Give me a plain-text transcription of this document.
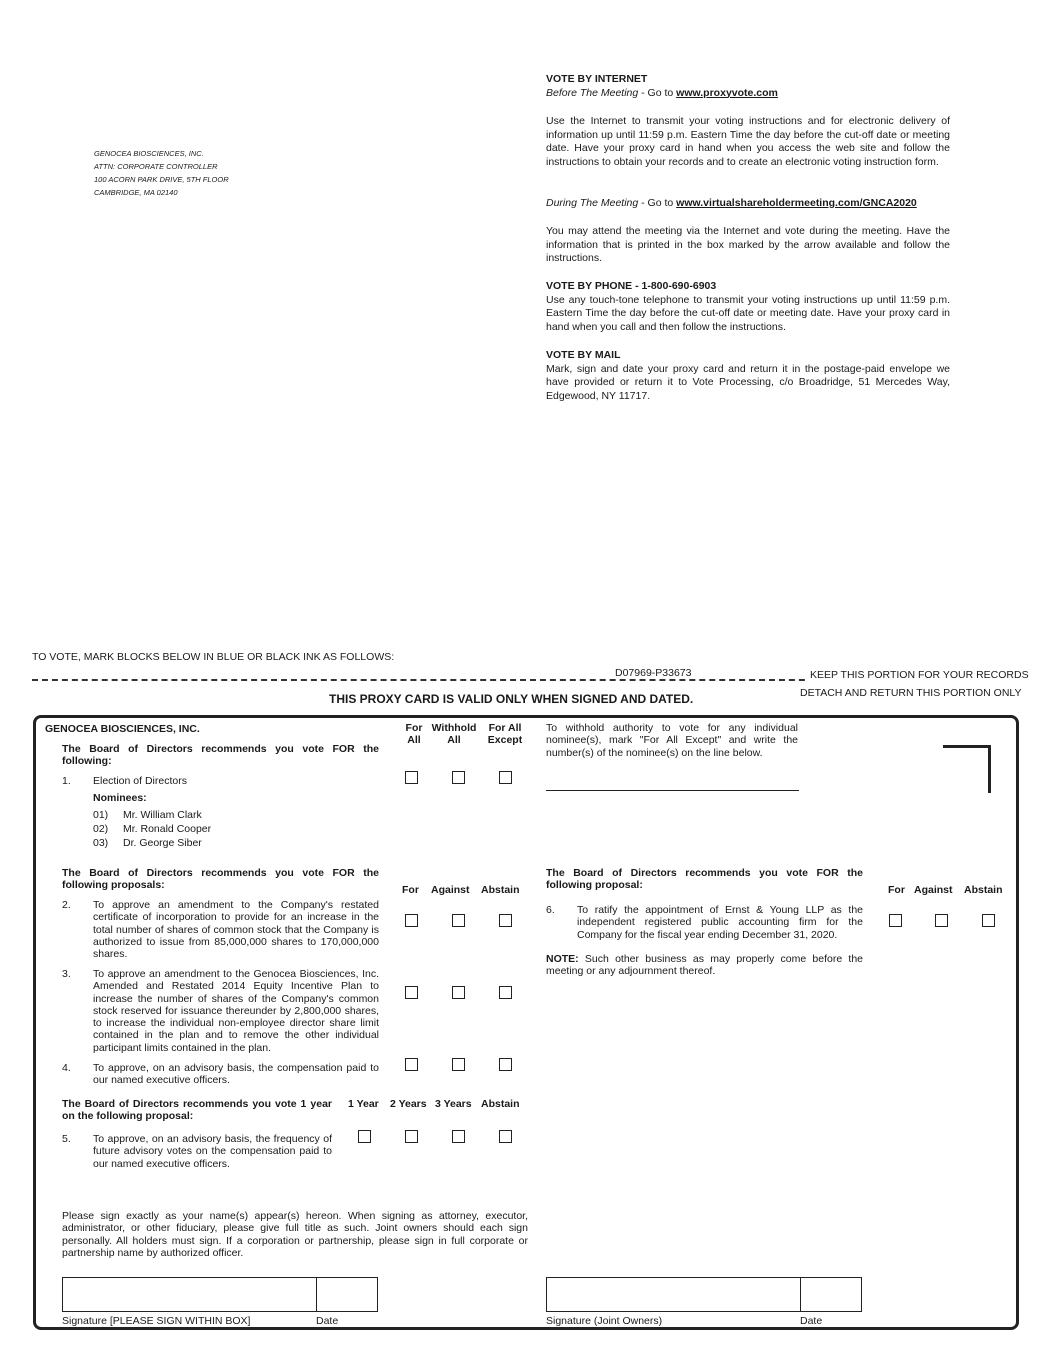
GENOCEA BIOSCIENCES, INC.
ATTN: CORPORATE CONTROLLER
100 ACORN PARK DRIVE, 5TH FLOOR
CAMBRIDGE, MA 02140
VOTE BY INTERNET
Before The Meeting - Go to www.proxyvote.com
Use the Internet to transmit your voting instructions and for electronic delivery of information up until 11:59 p.m. Eastern Time the day before the cut-off date or meeting date. Have your proxy card in hand when you access the web site and follow the instructions to obtain your records and to create an electronic voting instruction form.
During The Meeting - Go to www.virtualshareholdermeeting.com/GNCA2020
You may attend the meeting via the Internet and vote during the meeting. Have the information that is printed in the box marked by the arrow available and follow the instructions.
VOTE BY PHONE - 1-800-690-6903
Use any touch-tone telephone to transmit your voting instructions up until 11:59 p.m. Eastern Time the day before the cut-off date or meeting date. Have your proxy card in hand when you call and then follow the instructions.
VOTE BY MAIL
Mark, sign and date your proxy card and return it in the postage-paid envelope we have provided or return it to Vote Processing, c/o Broadridge, 51 Mercedes Way, Edgewood, NY 11717.
TO VOTE, MARK BLOCKS BELOW IN BLUE OR BLACK INK AS FOLLOWS:
D07969-P33673	KEEP THIS PORTION FOR YOUR RECORDS
DETACH AND RETURN THIS PORTION ONLY
THIS PROXY CARD IS VALID ONLY WHEN SIGNED AND DATED.
GENOCEA BIOSCIENCES, INC.
The Board of Directors recommends you vote FOR the following:
For
All
Withhold
All
For All
Except
1. Election of Directors
Nominees:
01) Mr. William Clark
02) Mr. Ronald Cooper
03) Dr. George Siber
To withhold authority to vote for any individual nominee(s), mark "For All Except" and write the number(s) of the nominee(s) on the line below.
The Board of Directors recommends you vote FOR the following proposals:	For Against Abstain
2. To approve an amendment to the Company's restated certificate of incorporation to provide for an increase in the total number of shares of common stock that the Company is authorized to issue from 85,000,000 shares to 170,000,000 shares.
3. To approve an amendment to the Genocea Biosciences, Inc. Amended and Restated 2014 Equity Incentive Plan to increase the number of shares of the Company's common stock reserved for issuance thereunder by 2,800,000 shares, to increase the individual non-employee director share limit contained in the plan and to remove the other individual participant limits contained in the plan.
4. To approve, on an advisory basis, the compensation paid to our named executive officers.
The Board of Directors recommends you vote 1 year on the following proposal:
1 Year 2 Years 3 Years Abstain
5. To approve, on an advisory basis, the frequency of future advisory votes on the compensation paid to our named executive officers.
The Board of Directors recommends you vote FOR the following proposal:	For Against Abstain
6. To ratify the appointment of Ernst & Young LLP as the independent registered public accounting firm for the Company for the fiscal year ending December 31, 2020.
NOTE: Such other business as may properly come before the meeting or any adjournment thereof.
Please sign exactly as your name(s) appear(s) hereon. When signing as attorney, executor, administrator, or other fiduciary, please give full title as such. Joint owners should each sign personally. All holders must sign. If a corporation or partnership, please sign in full corporate or partnership name by authorized officer.
Signature [PLEASE SIGN WITHIN BOX]	Date	Signature (Joint Owners)	Date
